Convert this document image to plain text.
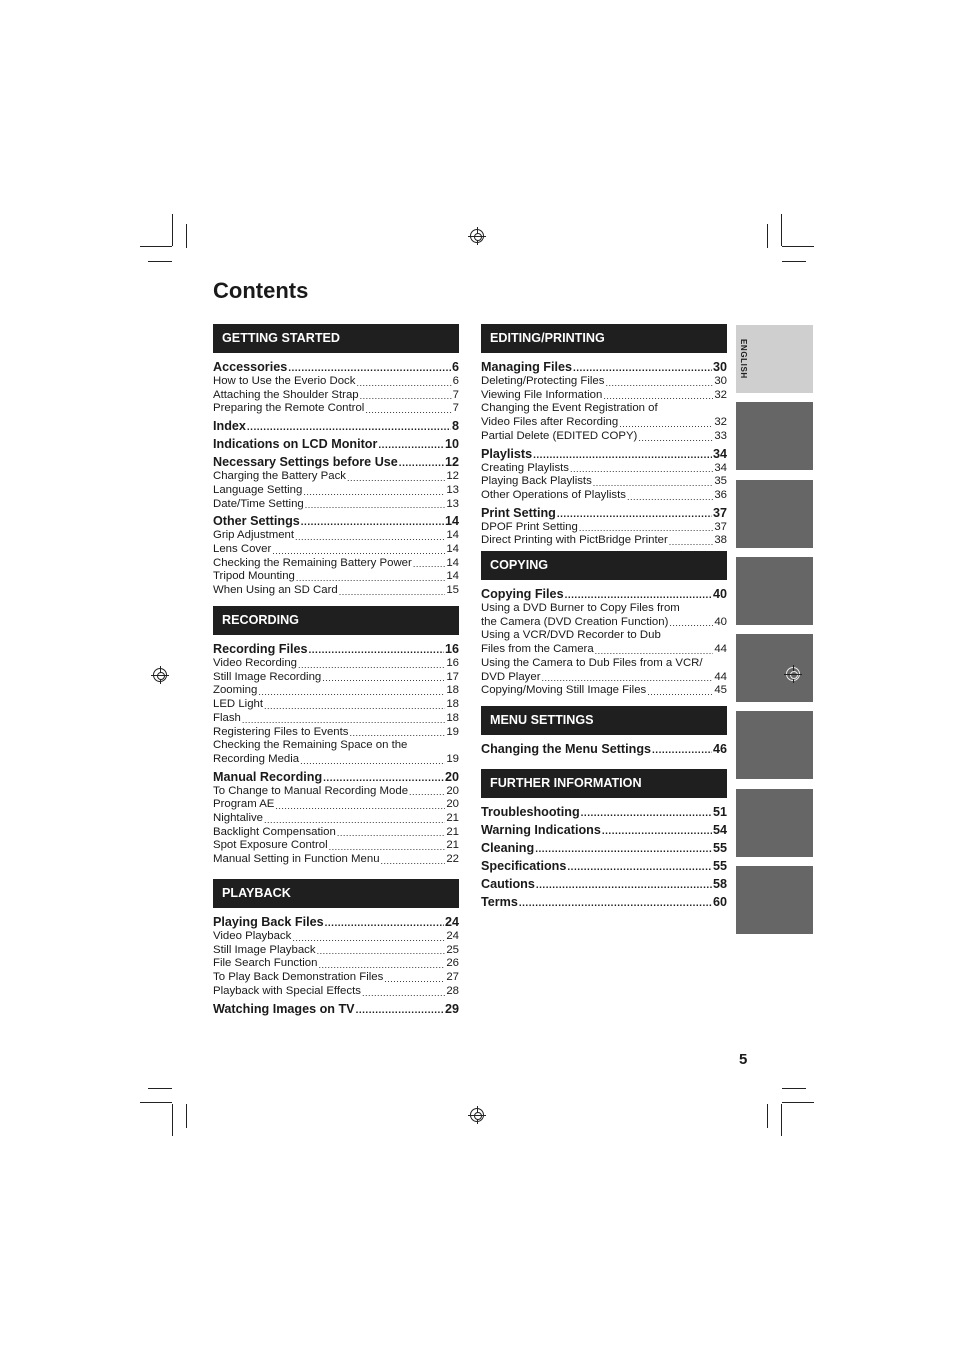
Contents
GETTING STARTED
Accessories .....	6
How to Use the Everio Dock .....	6
Attaching the Shoulder Strap .....	7
Preparing the Remote Control .....	7
Index .....	8
Indications on LCD Monitor .....	10
Necessary Settings before Use .....	12
Charging the Battery Pack .....	12
Language Setting .....	13
Date/Time Setting .....	13
Other Settings .....	14
Grip Adjustment .....	14
Lens Cover .....	14
Checking the Remaining Battery Power .....	14
Tripod Mounting .....	14
When Using an SD Card .....	15
RECORDING
Recording Files .....	16
Video Recording .....	16
Still Image Recording .....	17
Zooming .....	18
LED Light .....	18
Flash .....	18
Registering Files to Events .....	19
Checking the Remaining Space on the
Recording Media .....	19
Manual Recording .....	20
To Change to Manual Recording Mode .....	20
Program AE .....	20
Nightalive .....	21
Backlight Compensation .....	21
Spot Exposure Control .....	21
Manual Setting in Function Menu .....	22
PLAYBACK
Playing Back Files .....	24
Video Playback .....	24
Still Image Playback .....	25
File Search Function .....	26
To Play Back Demonstration Files .....	27
Playback with Special Effects .....	28
Watching Images on TV .....	29
EDITING/PRINTING
Managing Files .....	30
Deleting/Protecting Files .....	30
Viewing File Information .....	32
Changing the Event Registration of
Video Files after Recording .....	32
Partial Delete (EDITED COPY) .....	33
Playlists .....	34
Creating Playlists .....	34
Playing Back Playlists .....	35
Other Operations of Playlists .....	36
Print Setting .....	37
DPOF Print Setting .....	37
Direct Printing with PictBridge Printer .....	38
COPYING
Copying Files .....	40
Using a DVD Burner to Copy Files from
the Camera (DVD Creation Function) .....	40
Using a VCR/DVD Recorder to Dub
Files from the Camera .....	44
Using the Camera to Dub Files from a VCR/
DVD Player .....	44
Copying/Moving Still Image Files .....	45
MENU SETTINGS
Changing the Menu Settings .....	46
FURTHER INFORMATION
Troubleshooting .....	51
Warning Indications .....	54
Cleaning .....	55
Specifications .....	55
Cautions .....	58
Terms .....	60
ENGLISH
5
